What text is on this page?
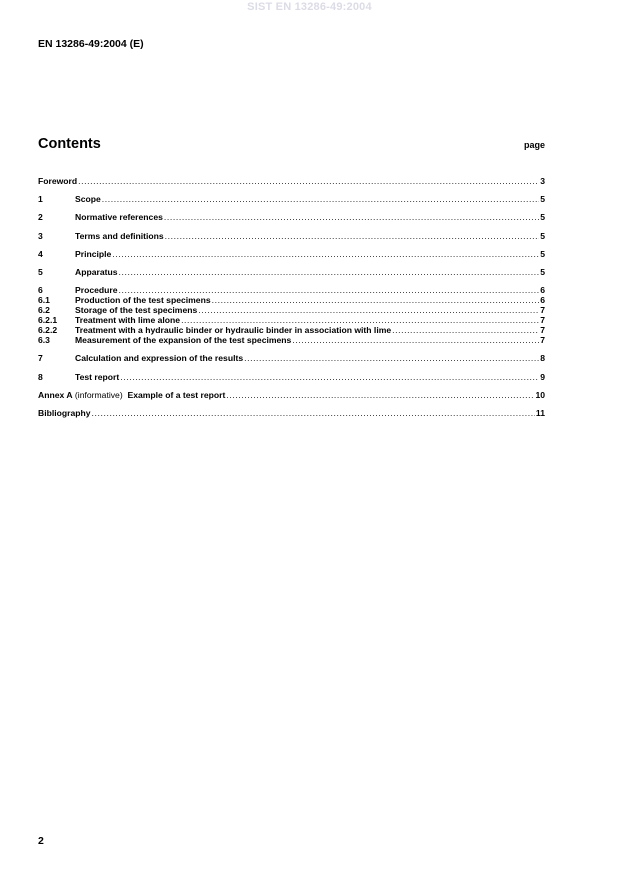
SIST EN 13286-49:2004
EN 13286-49:2004 (E)
Contents	page
Foreword .....	3
1	Scope .....	5
2	Normative references .....	5
3	Terms and definitions .....	5
4	Principle .....	5
5	Apparatus .....	5
6	Procedure .....	6
6.1	Production of the test specimens .....	6
6.2	Storage of the test specimens .....	7
6.2.1	Treatment with lime alone .....	7
6.2.2	Treatment with a hydraulic binder or hydraulic binder in association with lime .....	7
6.3	Measurement of the expansion of the test specimens .....	7
7	Calculation and expression of the results .....	8
8	Test report .....	9
Annex A (informative)  Example of a test report .....	10
Bibliography .....	11
2
